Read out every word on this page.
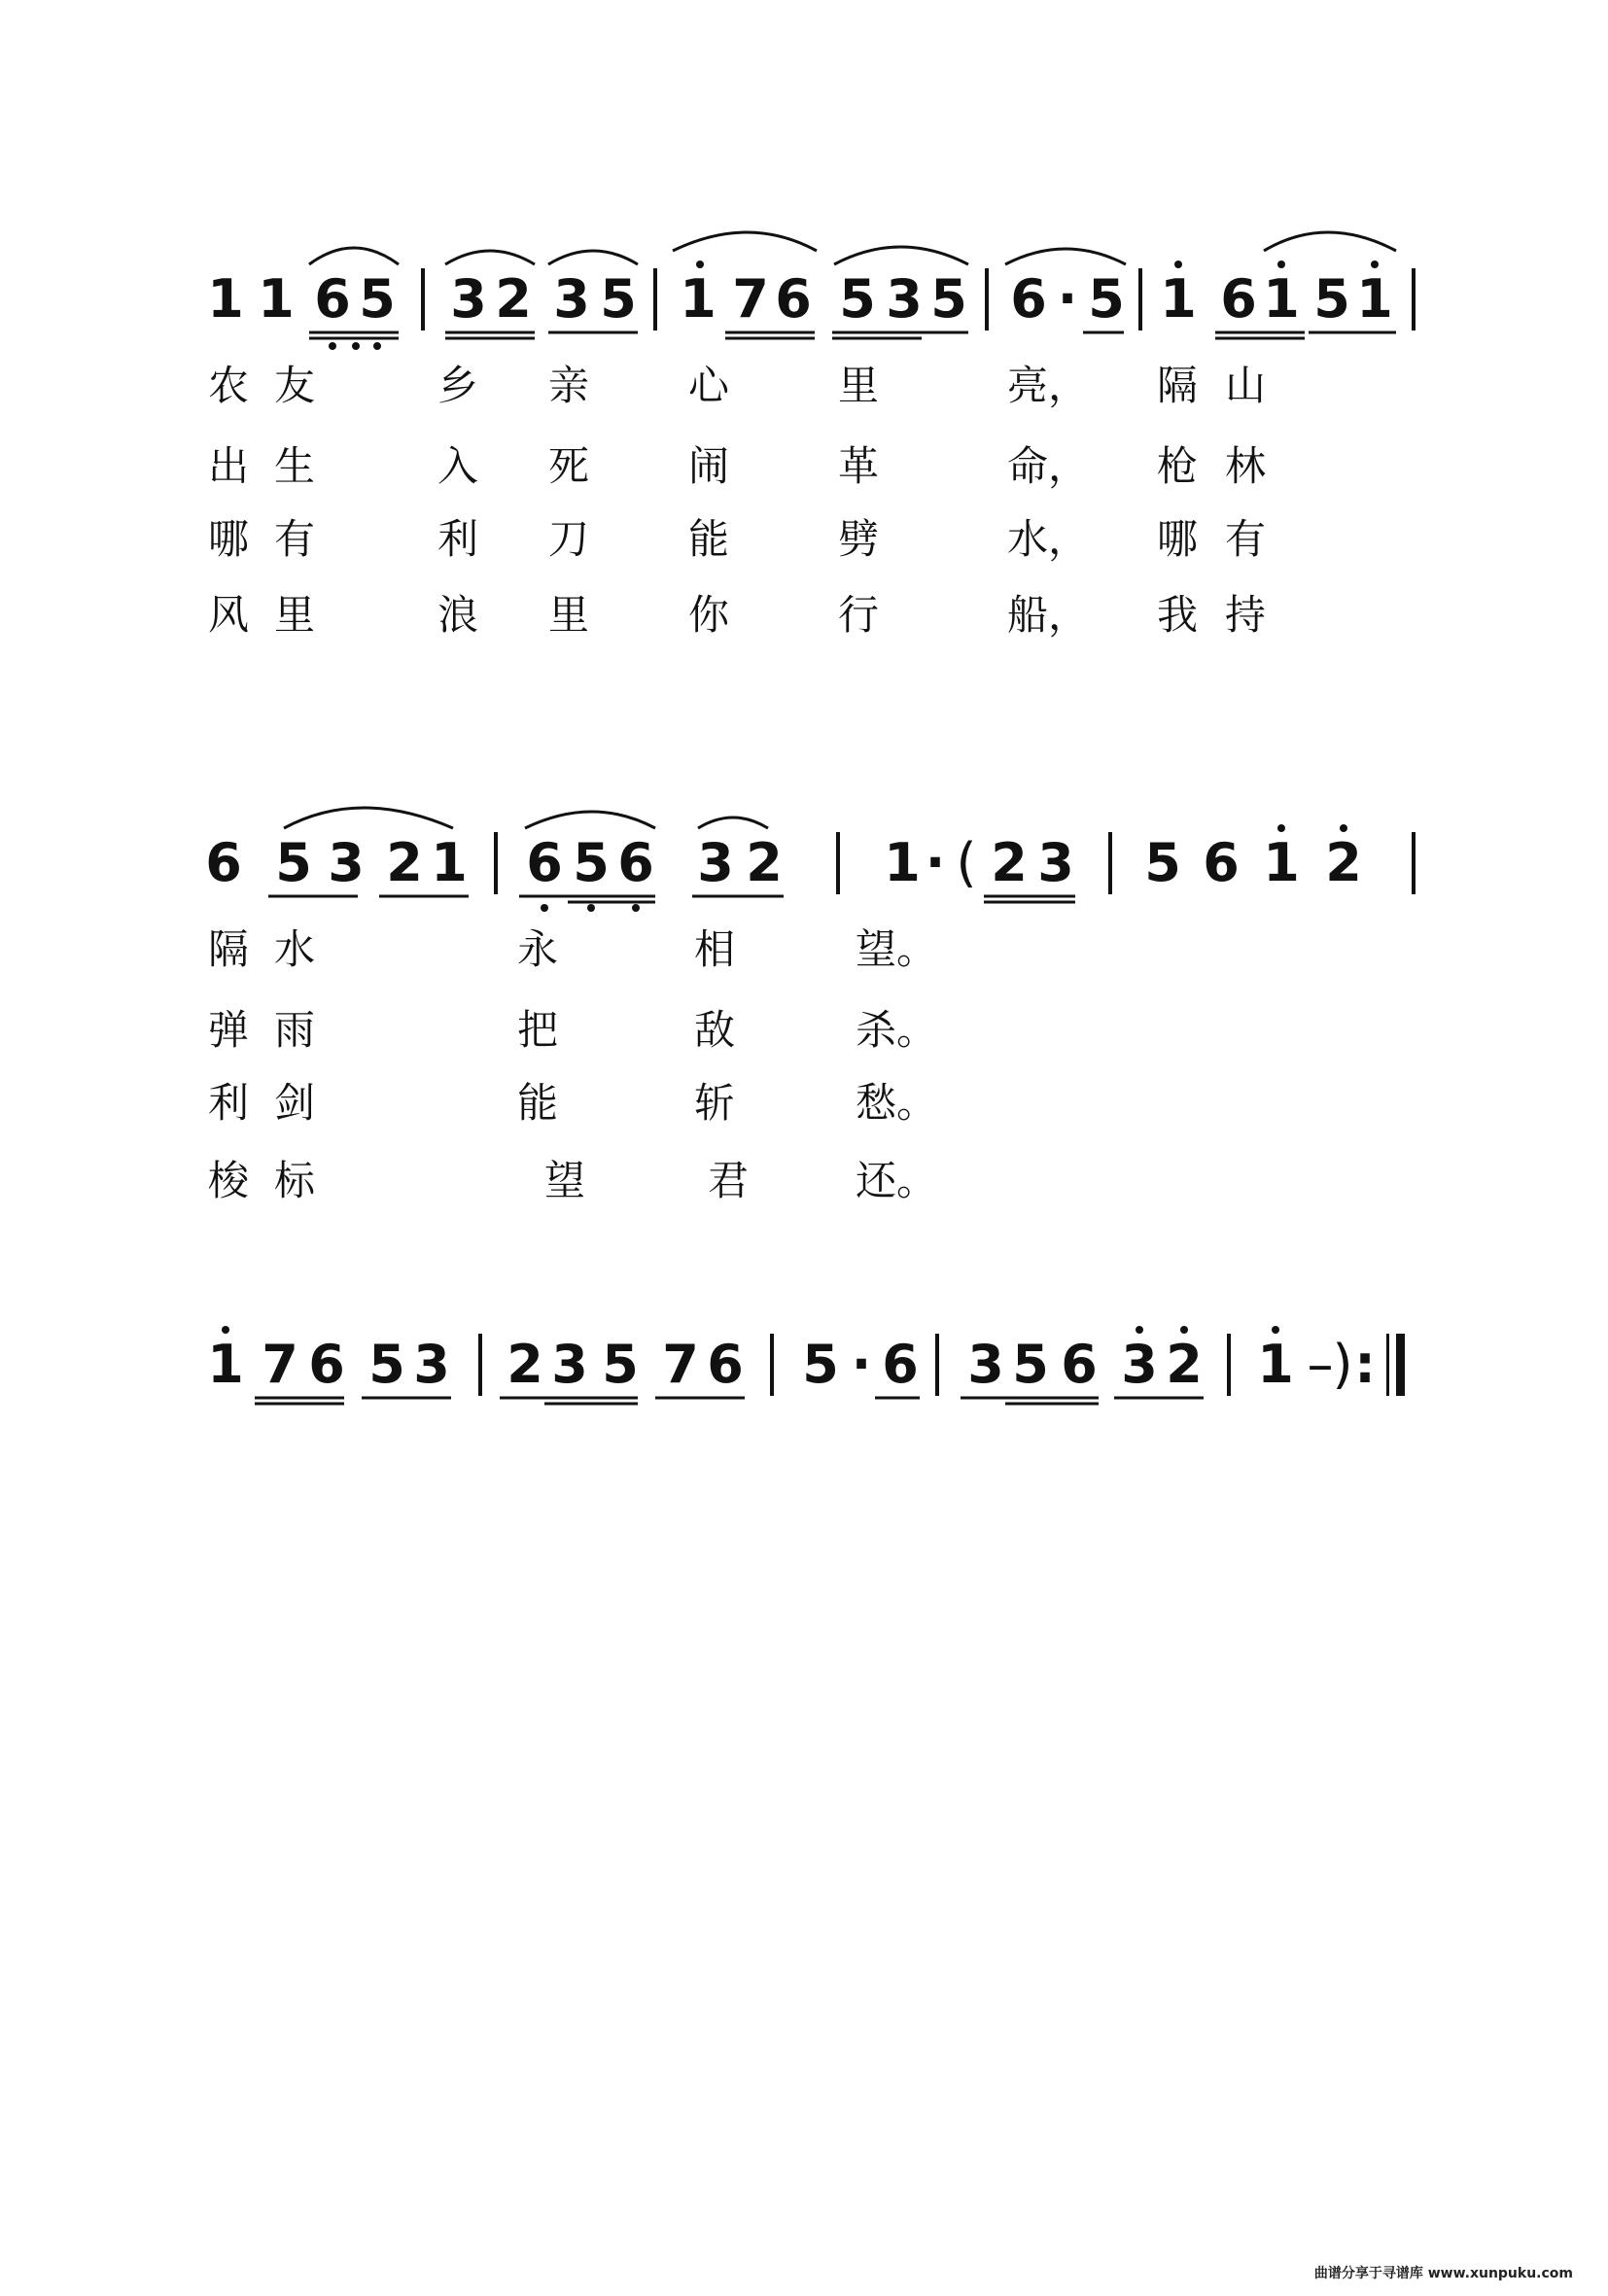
1 1 6 5 3 2 3 5 1 7 6 5 3 5 6 · 5 1 6 1 5 1
农 友	乡 亲 心	里	亮， 隔 山
出 生	入 死 闹	革	命， 枪 林
哪 有	利 刀 能	劈	水， 哪 有
风 里	浪 里 你	行	船， 我 持
6 5 3 2 1 6 5 6 3 2 1 · ( 2 3 5 6 1 2
隔 水	永	相	望。
弹 雨	把	敌	杀。
利 剑	能	斩	愁。
梭 标	望	君	还。
1 7 6 5 3 2 3 5 7 6 5 · 6 3 5 6 3 2 1 –
) :
曲谱分享于寻谱库 www.xunpuku.com
